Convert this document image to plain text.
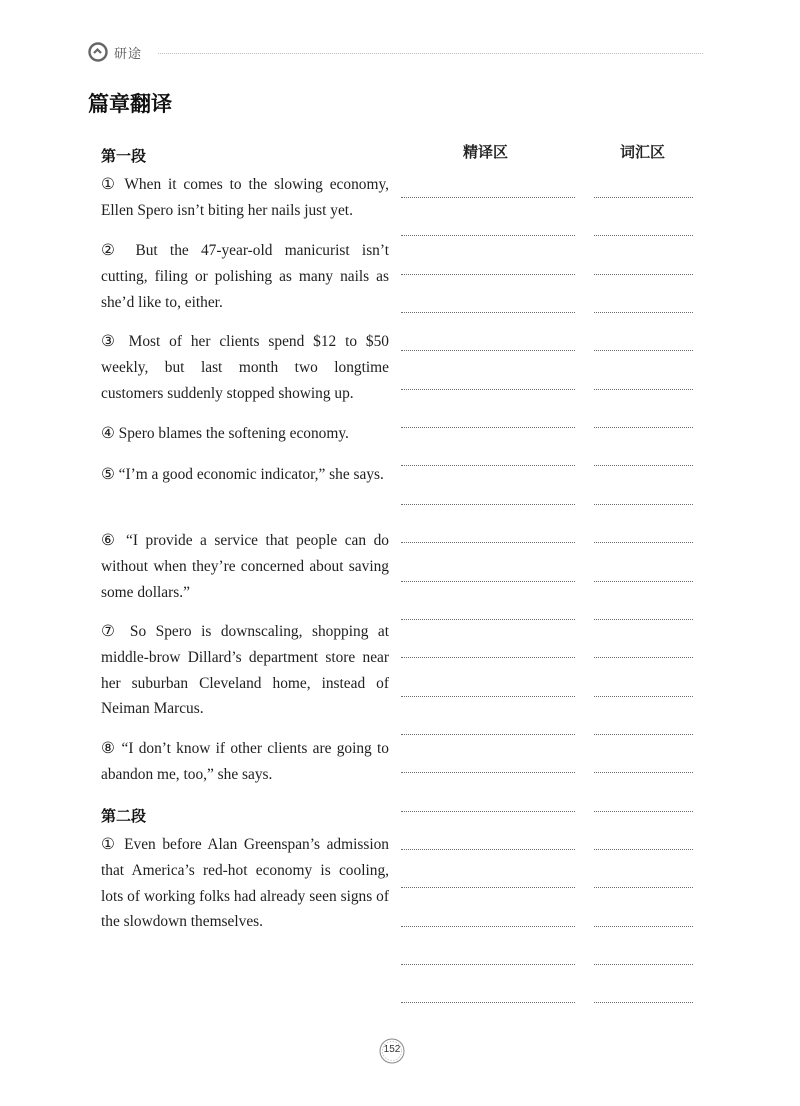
研途
篇章翻译
精译区	词汇区
第一段
① When it comes to the slowing economy, Ellen Spero isn’t biting her nails just yet.
② But the 47-year-old manicurist isn’t cutting, filing or polishing as many nails as she’d like to, either.
③ Most of her clients spend $12 to $50 weekly, but last month two longtime customers suddenly stopped showing up.
④ Spero blames the softening economy.
⑤ “I’m a good economic indicator,” she says.
⑥ “I provide a service that people can do without when they’re concerned about saving some dollars.”
⑦ So Spero is downscaling, shopping at middle-brow Dillard’s department store near her suburban Cleveland home, instead of Neiman Marcus.
⑧ “I don’t know if other clients are going to abandon me, too,” she says.
第二段
① Even before Alan Greenspan’s admission that America’s red-hot economy is cooling, lots of working folks had already seen signs of the slowdown themselves.
152
